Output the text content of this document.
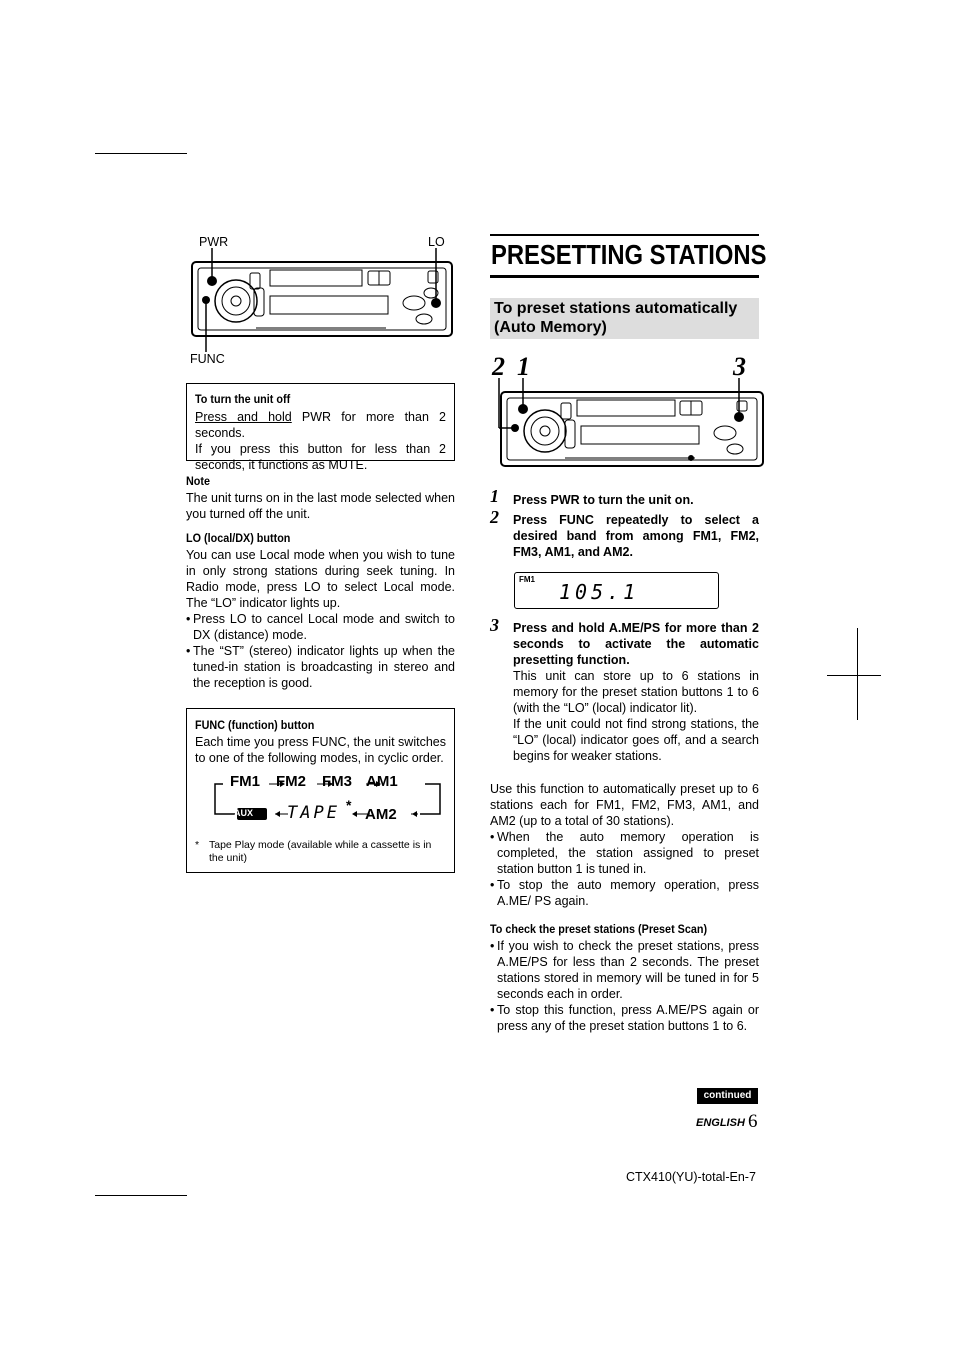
PWR	LO
FUNC
To turn the unit off
Press and hold PWR for more than 2 seconds.
If you press this button for less than 2 seconds, it functions as MUTE.
Note
The unit turns on in the last mode selected when you turned off the unit.
LO (local/DX) button
You can use Local mode when you wish to tune in only strong stations during seek tuning. In Radio mode, press LO to select Local mode. The “LO” indicator lights up.
• Press LO to cancel Local mode and switch to DX (distance) mode.
• The “ST” (stereo) indicator lights up when the tuned-in station is broadcasting in stereo and the reception is good.
FUNC (function) button
Each time you press FUNC, the unit switches to one of the following modes, in cyclic order.
FM1 FM2 FM3 AM1
AUX TAPE *
AM2
* Tape Play mode (available while a cassette is in the unit)
PRESETTING STATIONS
To preset stations automatically (Auto Memory)
2 1	3
1	Press PWR to turn the unit on.
2	Press FUNC repeatedly to select a desired band from among FM1, FM2, FM3, AM1, and AM2.
FM1
105.1
3	Press and hold A.ME/PS for more than 2 seconds to activate the automatic presetting function.
This unit can store up to 6 stations in memory for the preset station buttons 1 to 6 (with the “LO” (local) indicator lit).
If the unit could not find strong stations, the “LO” (local) indicator goes off, and a search begins for weaker stations.
Use this function to automatically preset up to 6 stations each for FM1, FM2, FM3, AM1, and AM2 (up to a total of 30 stations).
• When the auto memory operation is completed, the station assigned to preset station button 1 is tuned in.
• To stop the auto memory operation, press A.ME/ PS again.
To check the preset stations (Preset Scan)
• If you wish to check the preset stations, press A.ME/PS for less than 2 seconds. The preset stations stored in memory will be tuned in for 5 seconds each in order.
• To stop this function, press A.ME/PS again or press any of the preset station buttons 1 to 6.
continued
ENGLISH 6
CTX410(YU)-total-En-7
